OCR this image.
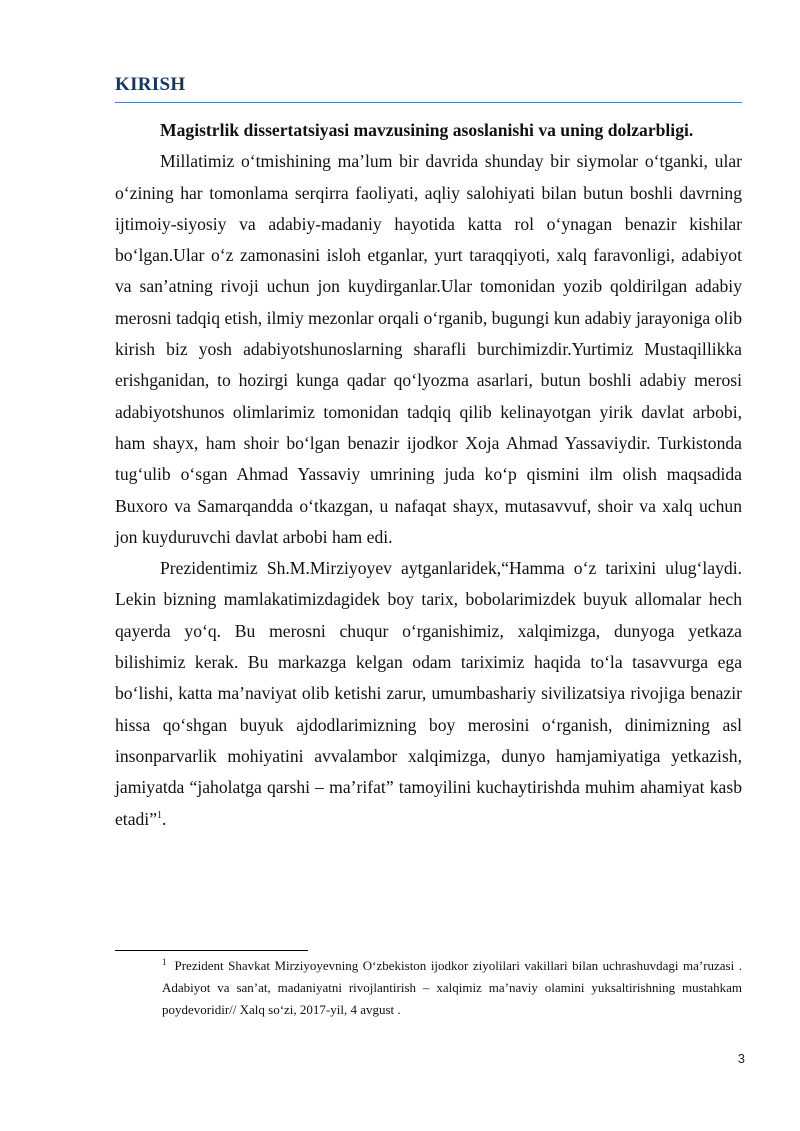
KIRISH

Magistrlik dissertatsiyasi mavzusining asoslanishi va uning dolzarbligi.

Millatimiz o‘tmishining ma’lum bir davrida shunday bir siymolar o‘tganki, ular o‘zining har tomonlama serqirra faoliyati, aqliy salohiyati bilan butun boshli davrning ijtimoiy-siyosiy va adabiy-madaniy hayotida katta rol o‘ynagan benazir kishilar bo‘lgan.Ular o‘z zamonasini isloh etganlar, yurt taraqqiyoti, xalq faravonligi, adabiyot va san’atning rivoji uchun jon kuydirganlar.Ular tomonidan yozib qoldirilgan adabiy merosni tadqiq etish, ilmiy mezonlar orqali o‘rganib, bugungi kun adabiy jarayoniga olib kirish biz yosh adabiyotshunoslarning sharafli burchimizdir.Yurtimiz Mustaqillikka erishganidan, to hozirgi kunga qadar qo‘lyozma asarlari, butun boshli adabiy merosi adabiyotshunos olimlarimiz tomonidan tadqiq qilib kelinayotgan yirik davlat arbobi, ham shayx, ham shoir bo‘lgan benazir ijodkor Xoja Ahmad Yassaviydir. Turkistonda tug‘ulib o‘sgan Ahmad Yassaviy umrining juda ko‘p qismini ilm olish maqsadida Buxoro va Samarqandda o‘tkazgan, u nafaqat shayx, mutasavvuf, shoir va xalq uchun jon kuyduruvchi davlat arbobi ham edi.

Prezidentimiz Sh.M.Mirziyoyev aytganlaridek,“Hamma o‘z tarixini ulug‘laydi. Lekin bizning mamlakatimizdagidek boy tarix, bobolarimizdek buyuk allomalar hech qayerda yo‘q. Bu merosni chuqur o‘rganishimiz, xalqimizga, dunyoga yetkaza bilishimiz kerak. Bu markazga kelgan odam tariximiz haqida to‘la tasavvurga ega bo‘lishi, katta ma’naviyat olib ketishi zarur, umumbashariy sivilizatsiya rivojiga benazir hissa qo‘shgan buyuk ajdodlarimizning boy merosini o‘rganish, dinimizning asl insonparvarlik mohiyatini avvalambor xalqimizga, dunyo hamjamiyatiga yetkazish, jamiyatda “jaholatga qarshi – ma’rifat” tamoyilini kuchaytirishda muhim ahamiyat kasb etadi”$^1$.

$^1$ Prezident Shavkat Mirziyoyevning O‘zbekiston ijodkor ziyolilari vakillari bilan uchrashuvdagi ma’ruzasi . Adabiyot va san’at, madaniyatni rivojlantirish – xalqimiz ma’naviy olamini yuksaltirishning mustahkam poydevoridir// Xalq so‘zi, 2017-yil, 4 avgust .

3
